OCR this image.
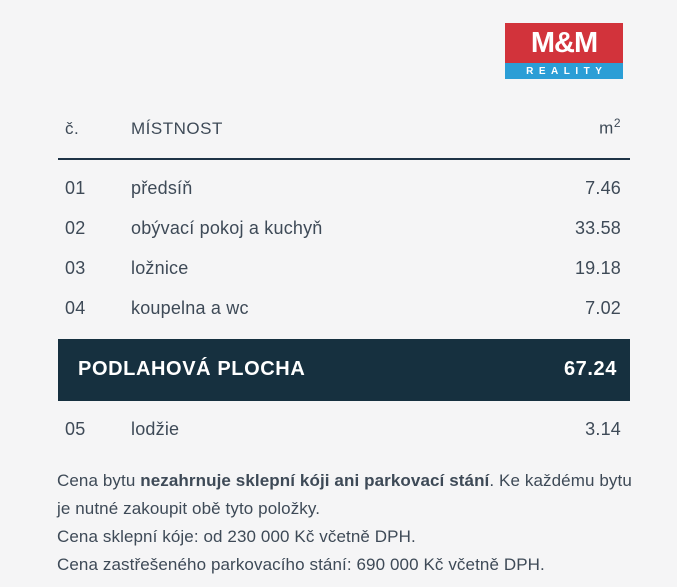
M&M
REALITY
č.	MÍSTNOST	$m^2$
01	předsíň	7.46
02	obývací pokoj a kuchyň	33.58
03	ložnice	19.18
04	koupelna a wc	7.02
PODLAHOVÁ PLOCHA	67.24
05	lodžie	3.14
Cena bytu nezahrnuje sklepní kóji ani parkovací stání. Ke každému bytu je nutné zakoupit obě tyto položky.
Cena sklepní kóje: od 230 000 Kč včetně DPH.
Cena zastřešeného parkovacího stání: 690 000 Kč včetně DPH.
